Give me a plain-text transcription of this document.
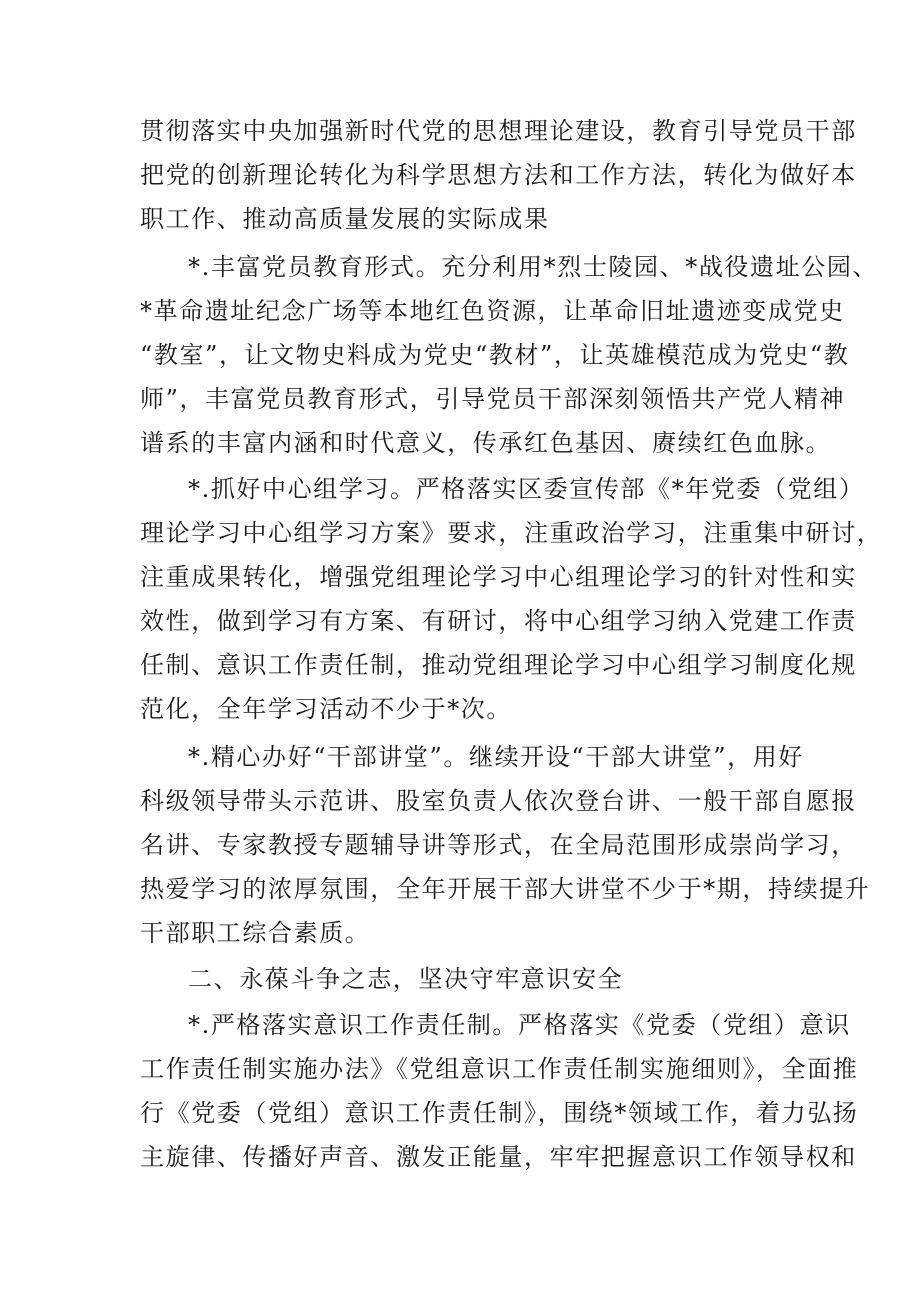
贯彻落实中央加强新时代党的思想理论建设，教育引导党员干部
把党的创新理论转化为科学思想方法和工作方法，转化为做好本
职工作、推动高质量发展的实际成果
*.丰富党员教育形式。充分利用*烈士陵园、*战役遗址公园、
*革命遗址纪念广场等本地红色资源，让革命旧址遗迹变成党史
“教室”，让文物史料成为党史“教材”，让英雄模范成为党史“教
师”，丰富党员教育形式，引导党员干部深刻领悟共产党人精神
谱系的丰富内涵和时代意义，传承红色基因、赓续红色血脉。
*.抓好中心组学习。严格落实区委宣传部《*年党委（党组）
理论学习中心组学习方案》要求，注重政治学习，注重集中研讨，
注重成果转化，增强党组理论学习中心组理论学习的针对性和实
效性，做到学习有方案、有研讨，将中心组学习纳入党建工作责
任制、意识工作责任制，推动党组理论学习中心组学习制度化规
范化，全年学习活动不少于*次。
*.精心办好“干部讲堂”。继续开设“干部大讲堂”，用好
科级领导带头示范讲、股室负责人依次登台讲、一般干部自愿报
名讲、专家教授专题辅导讲等形式，在全局范围形成崇尚学习，
热爱学习的浓厚氛围，全年开展干部大讲堂不少于*期，持续提升
干部职工综合素质。
二、永葆斗争之志，坚决守牢意识安全
*.严格落实意识工作责任制。严格落实《党委（党组）意识
工作责任制实施办法》《党组意识工作责任制实施细则》，全面推
行《党委（党组）意识工作责任制》，围绕*领域工作，着力弘扬
主旋律、传播好声音、激发正能量，牢牢把握意识工作领导权和
